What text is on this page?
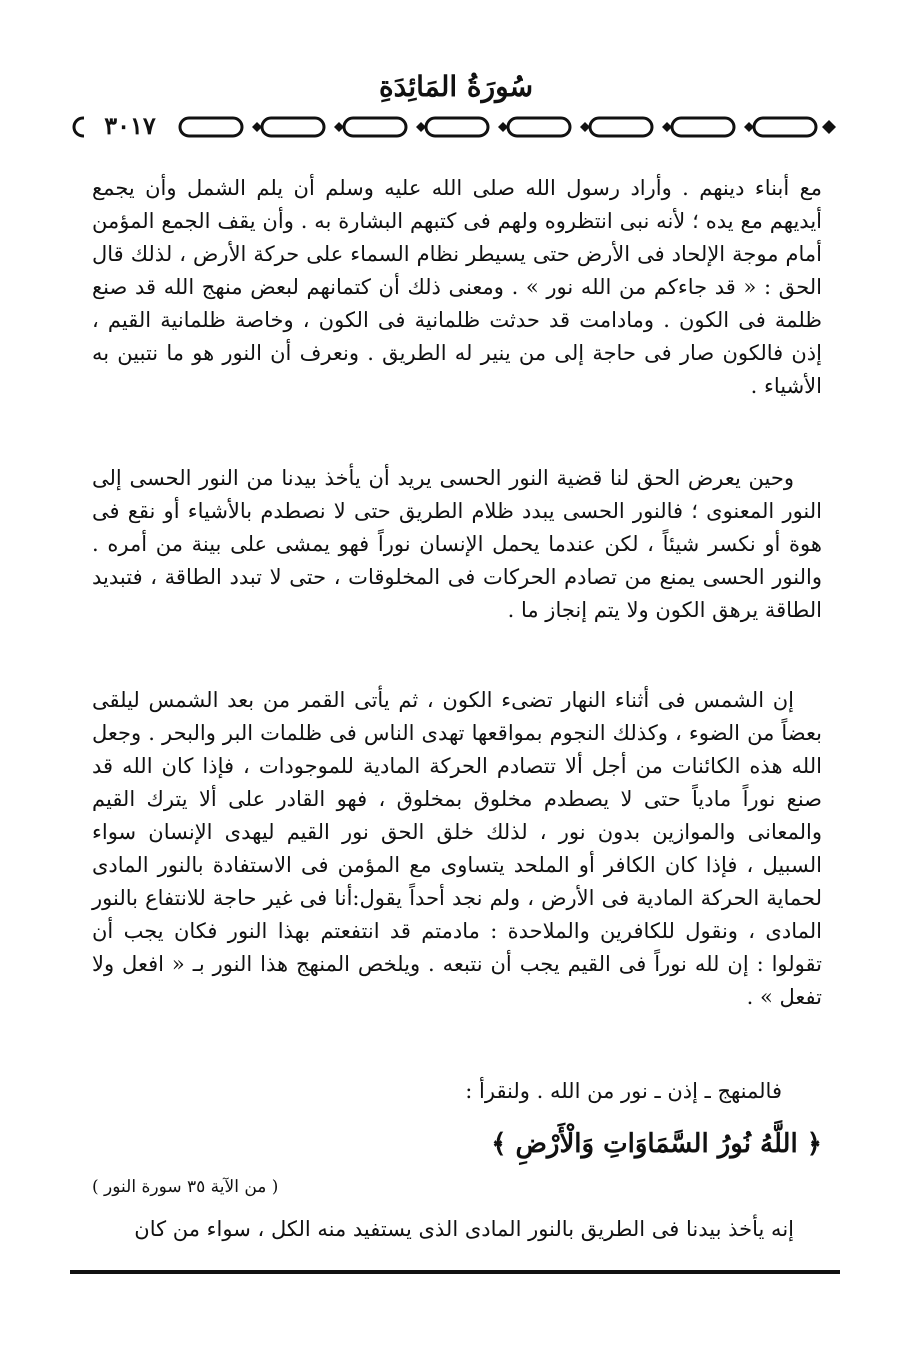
سُورَةُ المَائِدَةِ
٣٠١٧

مع أبناء دينهم . وأراد رسول الله صلى الله عليه وسلم أن يلم الشمل وأن يجمع أيديهم مع يده ؛ لأنه نبى انتظروه ولهم فى كتبهم البشارة به . وأن يقف الجمع المؤمن أمام موجة الإلحاد فى الأرض حتى يسيطر نظام السماء على حركة الأرض ، لذلك قال الحق : « قد جاءكم من الله نور » . ومعنى ذلك أن كتمانهم لبعض منهج الله قد صنع ظلمة فى الكون . ومادامت قد حدثت ظلمانية فى الكون ، وخاصة ظلمانية القيم ، إذن فالكون صار فى حاجة إلى من ينير له الطريق . ونعرف أن النور هو ما نتبين به الأشياء .

وحين يعرض الحق لنا قضية النور الحسى يريد أن يأخذ بيدنا من النور الحسى إلى النور المعنوى ؛ فالنور الحسى يبدد ظلام الطريق حتى لا نصطدم بالأشياء أو نقع فى هوة أو نكسر شيئاً ، لكن عندما يحمل الإنسان نوراً فهو يمشى على بينة من أمره . والنور الحسى يمنع من تصادم الحركات فى المخلوقات ، حتى لا تبدد الطاقة ، فتبديد الطاقة يرهق الكون ولا يتم إنجاز ما .

إن الشمس فى أثناء النهار تضىء الكون ، ثم يأتى القمر من بعد الشمس ليلقى بعضاً من الضوء ، وكذلك النجوم بمواقعها تهدى الناس فى ظلمات البر والبحر . وجعل الله هذه الكائنات من أجل ألا تتصادم الحركة المادية للموجودات ، فإذا كان الله قد صنع نوراً مادياً حتى لا يصطدم مخلوق بمخلوق ، فهو القادر على ألا يترك القيم والمعانى والموازين بدون نور ، لذلك خلق الحق نور القيم ليهدى الإنسان سواء السبيل ، فإذا كان الكافر أو الملحد يتساوى مع المؤمن فى الاستفادة بالنور المادى لحماية الحركة المادية فى الأرض ، ولم نجد أحداً يقول:أنا فى غير حاجة للانتفاع بالنور المادى ، ونقول للكافرين والملاحدة : مادمتم قد انتفعتم بهذا النور فكان يجب أن تقولوا : إن لله نوراً فى القيم يجب أن نتبعه . ويلخص المنهج هذا النور بـ « افعل ولا تفعل » .

فالمنهج ـ إذن ـ نور من الله . ولنقرأ :
﴿ اللَّهُ نُورُ السَّمَاوَاتِ وَالْأَرْضِ ﴾
( من الآية ٣٥ سورة النور )
إنه يأخذ بيدنا فى الطريق بالنور المادى الذى يستفيد منه الكل ، سواء من كان
